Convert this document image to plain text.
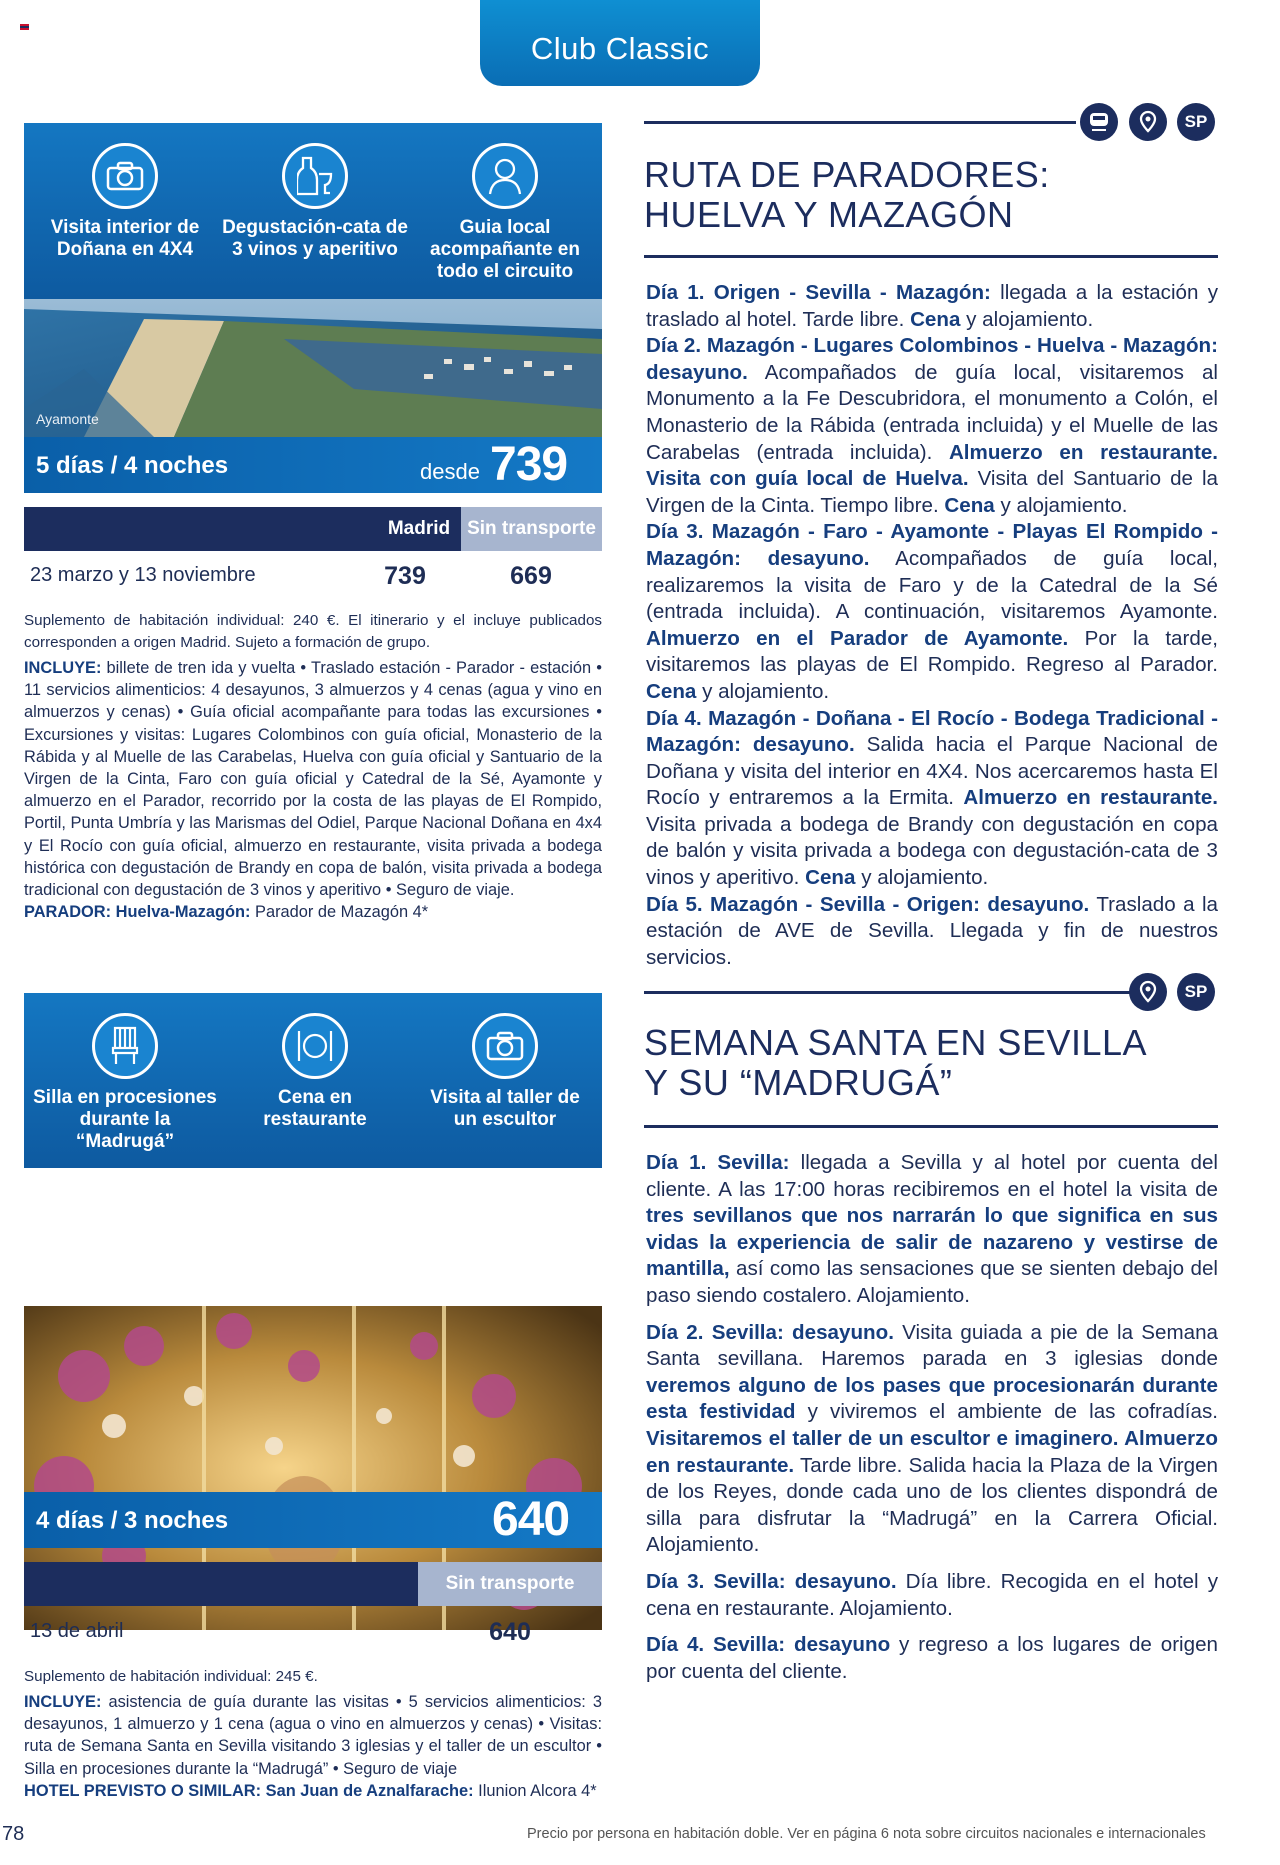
Club Classic
Visita interior de Doñana en 4X4
Degustación-cata de 3 vinos y aperitivo
Guia local acompañante en todo el circuito
Ayamonte
5 días / 4 noches	desde 739
Madrid Sin transporte
23 marzo y 13 noviembre	739	669
Suplemento de habitación individual: 240 €. El itinerario y el incluye publicados corresponden a origen Madrid. Sujeto a formación de grupo.
INCLUYE: billete de tren ida y vuelta • Traslado estación - Parador - estación • 11 servicios alimenticios: 4 desayunos, 3 almuerzos y 4 cenas (agua y vino en almuerzos y cenas) • Guía oficial acompañante para todas las excursiones • Excursiones y visitas: Lugares Colombinos con guía oficial, Monasterio de la Rábida y al Muelle de las Carabelas, Huelva con guía oficial y Santuario de la Virgen de la Cinta, Faro con guía oficial y Catedral de la Sé, Ayamonte y almuerzo en el Parador, recorrido por la costa de las playas de El Rompido, Portil, Punta Umbría y las Marismas del Odiel, Parque Nacional Doñana en 4x4 y El Rocío con guía oficial, almuerzo en restaurante, visita privada a bodega histórica con degustación de Brandy en copa de balón, visita privada a bodega tradicional con degustación de 3 vinos y aperitivo • Seguro de viaje.
PARADOR: Huelva-Mazagón: Parador de Mazagón 4*
SP
RUTA DE PARADORES:
HUELVA Y MAZAGÓN

Día 1. Origen - Sevilla - Mazagón: llegada a la estación y traslado al hotel. Tarde libre. Cena y alojamiento.

Día 2. Mazagón - Lugares Colombinos - Huelva - Mazagón: desayuno. Acompañados de guía local, visitaremos al Monumento a la Fe Descubridora, el monumento a Colón, el Monasterio de la Rábida (entrada incluida) y el Muelle de las Carabelas (entrada incluida). Almuerzo en restaurante. Visita con guía local de Huelva. Visita del Santuario de la Virgen de la Cinta. Tiempo libre. Cena y alojamiento.

Día 3. Mazagón - Faro - Ayamonte - Playas El Rompido - Mazagón: desayuno. Acompañados de guía local, realizaremos la visita de Faro y de la Catedral de la Sé (entrada incluida). A continuación, visitaremos Ayamonte. Almuerzo en el Parador de Ayamonte. Por la tarde, visitaremos las playas de El Rompido. Regreso al Parador. Cena y alojamiento.

Día 4. Mazagón - Doñana - El Rocío - Bodega Tradicional - Mazagón: desayuno. Salida hacia el Parque Nacional de Doñana y visita del interior en 4X4. Nos acercaremos hasta El Rocío y entraremos a la Ermita. Almuerzo en restaurante. Visita privada a bodega de Brandy con degustación en copa de balón y visita privada a bodega con degustación-cata de 3 vinos y aperitivo. Cena y alojamiento.

Día 5. Mazagón - Sevilla - Origen: desayuno. Traslado a la estación de AVE de Sevilla. Llegada y fin de nuestros servicios.

Silla en procesiones durante la “Madrugá”
Cena en restaurante
Visita al taller de un escultor
4 días / 3 noches	640
Sin transporte
13 de abril	640
Suplemento de habitación individual: 245 €.
INCLUYE: asistencia de guía durante las visitas • 5 servicios alimenticios: 3 desayunos, 1 almuerzo y 1 cena (agua o vino en almuerzos y cenas) • Visitas: ruta de Semana Santa en Sevilla visitando 3 iglesias y el taller de un escultor • Silla en procesiones durante la “Madrugá” • Seguro de viaje
HOTEL PREVISTO O SIMILAR: San Juan de Aznalfarache: Ilunion Alcora 4*
SP
SEMANA SANTA EN SEVILLA
Y SU “MADRUGÁ”

Día 1. Sevilla: llegada a Sevilla y al hotel por cuenta del cliente. A las 17:00 horas recibiremos en el hotel la visita de tres sevillanos que nos narrarán lo que significa en sus vidas la experiencia de salir de nazareno y vestirse de mantilla, así como las sensaciones que se sienten debajo del paso siendo costalero. Alojamiento.

Día 2. Sevilla: desayuno. Visita guiada a pie de la Semana Santa sevillana. Haremos parada en 3 iglesias donde veremos alguno de los pases que procesionarán durante esta festividad y viviremos el ambiente de las cofradías. Visitaremos el taller de un escultor e imaginero. Almuerzo en restaurante. Tarde libre. Salida hacia la Plaza de la Virgen de los Reyes, donde cada uno de los clientes dispondrá de silla para disfrutar la “Madrugá” en la Carrera Oficial. Alojamiento.

Día 3. Sevilla: desayuno. Día libre. Recogida en el hotel y cena en restaurante. Alojamiento.

Día 4. Sevilla: desayuno y regreso a los lugares de origen por cuenta del cliente.

78	Precio por persona en habitación doble. Ver en página 6 nota sobre circuitos nacionales e internacionales
